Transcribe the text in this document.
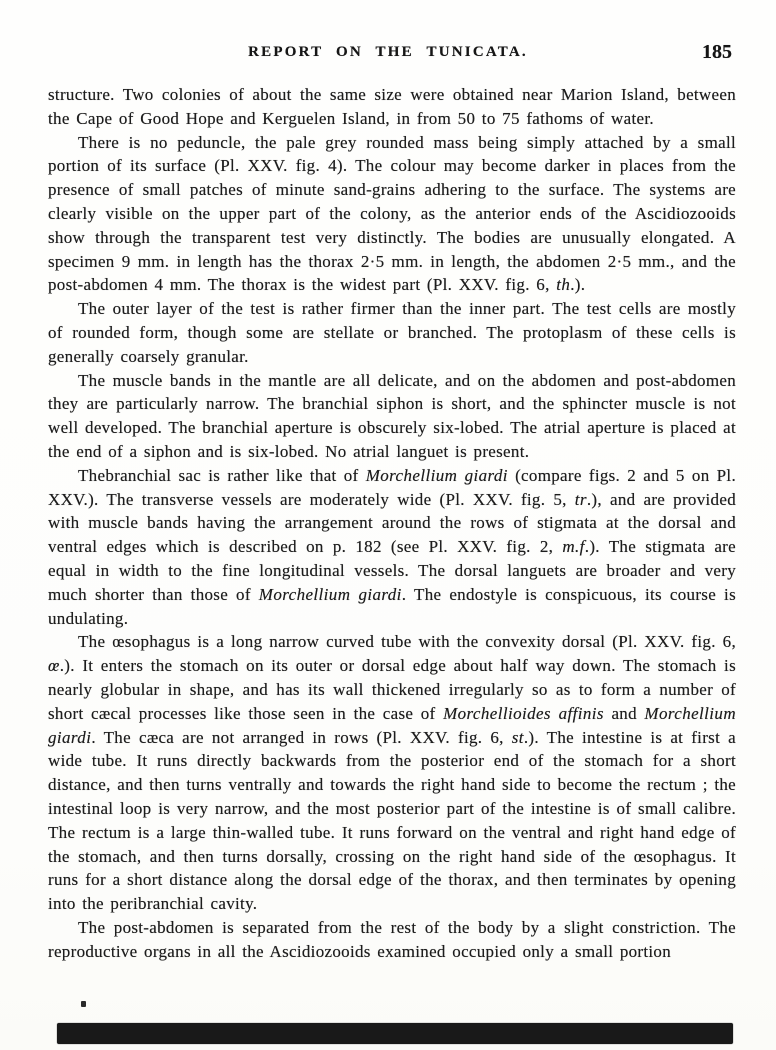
REPORT ON THE TUNICATA.	185

structure. Two colonies of about the same size were obtained near Marion Island, between the Cape of Good Hope and Kerguelen Island, in from 50 to 75 fathoms of water.

There is no peduncle, the pale grey rounded mass being simply attached by a small portion of its surface (Pl. XXV. fig. 4). The colour may become darker in places from the presence of small patches of minute sand-grains adhering to the surface. The systems are clearly visible on the upper part of the colony, as the anterior ends of the Ascidiozooids show through the transparent test very distinctly. The bodies are unusually elongated. A specimen 9 mm. in length has the thorax 2·5 mm. in length, the abdomen 2·5 mm., and the post-abdomen 4 mm. The thorax is the widest part (Pl. XXV. fig. 6, th.).

The outer layer of the test is rather firmer than the inner part. The test cells are mostly of rounded form, though some are stellate or branched. The protoplasm of these cells is generally coarsely granular.

The muscle bands in the mantle are all delicate, and on the abdomen and post-abdomen they are particularly narrow. The branchial siphon is short, and the sphincter muscle is not well developed. The branchial aperture is obscurely six-lobed. The atrial aperture is placed at the end of a siphon and is six-lobed. No atrial languet is present.

Thebranchial sac is rather like that of Morchellium giardi (compare figs. 2 and 5 on Pl. XXV.). The transverse vessels are moderately wide (Pl. XXV. fig. 5, tr.), and are provided with muscle bands having the arrangement around the rows of stigmata at the dorsal and ventral edges which is described on p. 182 (see Pl. XXV. fig. 2, m.f.). The stigmata are equal in width to the fine longitudinal vessels. The dorsal languets are broader and very much shorter than those of Morchellium giardi. The endostyle is conspicuous, its course is undulating.

The œsophagus is a long narrow curved tube with the convexity dorsal (Pl. XXV. fig. 6, œ.). It enters the stomach on its outer or dorsal edge about half way down. The stomach is nearly globular in shape, and has its wall thickened irregularly so as to form a number of short cæcal processes like those seen in the case of Morchellioides affinis and Morchellium giardi. The cæca are not arranged in rows (Pl. XXV. fig. 6, st.). The intestine is at first a wide tube. It runs directly backwards from the posterior end of the stomach for a short distance, and then turns ventrally and towards the right hand side to become the rectum ; the intestinal loop is very narrow, and the most posterior part of the intestine is of small calibre. The rectum is a large thin-walled tube. It runs forward on the ventral and right hand edge of the stomach, and then turns dorsally, crossing on the right hand side of the œsophagus. It runs for a short distance along the dorsal edge of the thorax, and then terminates by opening into the peribranchial cavity.

The post-abdomen is separated from the rest of the body by a slight constriction. The reproductive organs in all the Ascidiozooids examined occupied only a small portion
